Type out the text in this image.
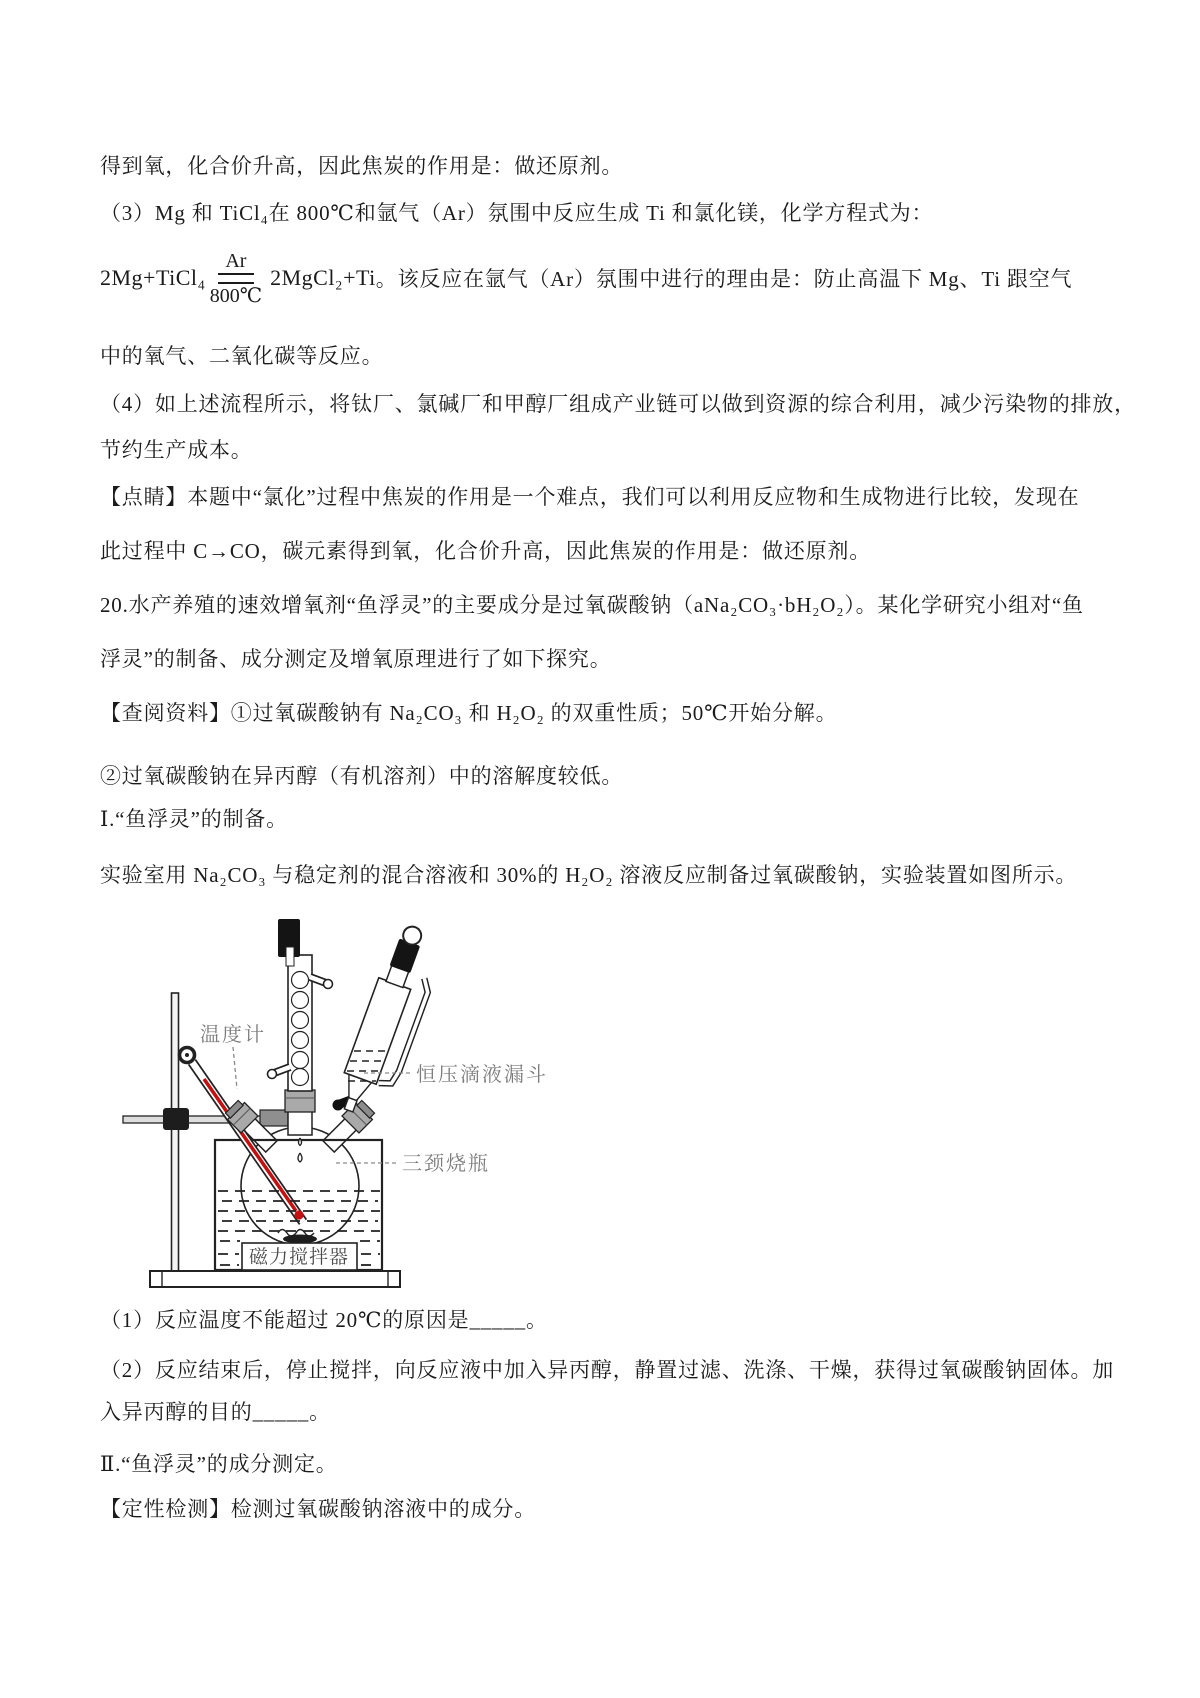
得到氧，化合价升高，因此焦炭的作用是：做还原剂。
（3）Mg 和 TiCl₄在 800℃和氩气（Ar）氛围中反应生成 Ti 和氯化镁，化学方程式为：
2Mg+TiCl₄
Ar
800℃
2MgCl₂+Ti 。该反应在氩气（Ar）氛围中进行的理由是：防止高温下 Mg、Ti 跟空气
中的氧气、二氧化碳等反应。
（4）如上述流程所示，将钛厂、氯碱厂和甲醇厂组成产业链可以做到资源的综合利用，减少污染物的排放，
节约生产成本。
【点睛】本题中“氯化”过程中焦炭的作用是一个难点，我们可以利用反应物和生成物进行比较，发现在
此过程中 C→CO，碳元素得到氧，化合价升高，因此焦炭的作用是：做还原剂。
20.水产养殖的速效增氧剂“鱼浮灵”的主要成分是过氧碳酸钠（aNa₂CO₃·bH₂O₂）。某化学研究小组对“鱼
浮灵”的制备、成分测定及增氧原理进行了如下探究。
【查阅资料】①过氧碳酸钠有 Na₂CO₃ 和 H₂O₂ 的双重性质；50℃开始分解。
②过氧碳酸钠在异丙醇（有机溶剂）中的溶解度较低。
Ⅰ.“鱼浮灵”的制备。
实验室用 Na₂CO₃ 与稳定剂的混合溶液和 30%的 H₂O₂ 溶液反应制备过氧碳酸钠，实验装置如图所示。
（1）反应温度不能超过 20℃的原因是_____。
（2）反应结束后，停止搅拌，向反应液中加入异丙醇，静置过滤、洗涤、干燥，获得过氧碳酸钠固体。加
入异丙醇的目的_____。
Ⅱ.“鱼浮灵”的成分测定。
【定性检测】检测过氧碳酸钠溶液中的成分。
磁力搅拌器
温度计
恒压滴液漏斗
三颈烧瓶
